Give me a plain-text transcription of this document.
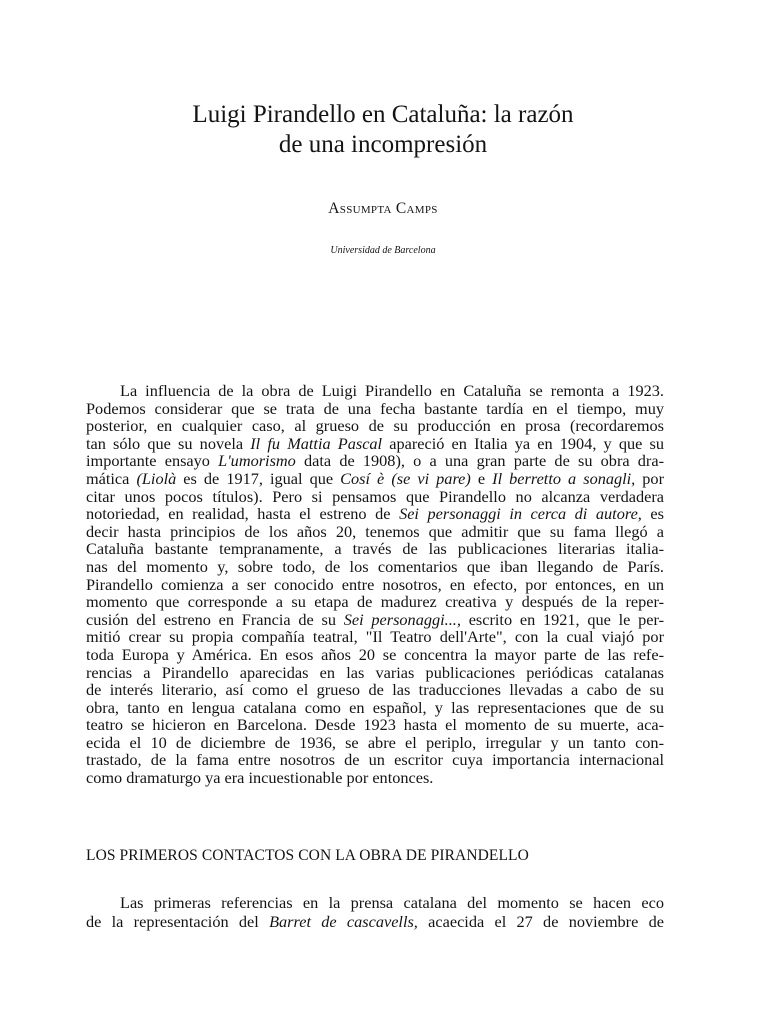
Luigi Pirandello en Cataluña: la razón
de una incompresión
Assumpta Camps
Universidad de Barcelona
La influencia de la obra de Luigi Pirandello en Cataluña se remonta a 1923.
Podemos considerar que se trata de una fecha bastante tardía en el tiempo, muy
posterior, en cualquier caso, al grueso de su producción en prosa (recordaremos
tan sólo que su novela Il fu Mattia Pascal apareció en Italia ya en 1904, y que su
importante ensayo L'umorismo data de 1908), o a una gran parte de su obra dra-
mática (Liolà es de 1917, igual que Cosí è (se vi pare) e Il berretto a sonagli, por
citar unos pocos títulos). Pero si pensamos que Pirandello no alcanza verdadera
notoriedad, en realidad, hasta el estreno de Sei personaggi in cerca di autore, es
decir hasta principios de los años 20, tenemos que admitir que su fama llegó a
Cataluña bastante tempranamente, a través de las publicaciones literarias italia-
nas del momento y, sobre todo, de los comentarios que iban llegando de París.
Pirandello comienza a ser conocido entre nosotros, en efecto, por entonces, en un
momento que corresponde a su etapa de madurez creativa y después de la reper-
cusión del estreno en Francia de su Sei personaggi..., escrito en 1921, que le per-
mitió crear su propia compañía teatral, "Il Teatro dell'Arte", con la cual viajó por
toda Europa y América. En esos años 20 se concentra la mayor parte de las refe-
rencias a Pirandello aparecidas en las varias publicaciones periódicas catalanas
de interés literario, así como el grueso de las traducciones llevadas a cabo de su
obra, tanto en lengua catalana como en español, y las representaciones que de su
teatro se hicieron en Barcelona. Desde 1923 hasta el momento de su muerte, aca-
ecida el 10 de diciembre de 1936, se abre el periplo, irregular y un tanto con-
trastado, de la fama entre nosotros de un escritor cuya importancia internacional
como dramaturgo ya era incuestionable por entonces.
LOS PRIMEROS CONTACTOS CON LA OBRA DE PIRANDELLO
Las primeras referencias en la prensa catalana del momento se hacen eco
de la representación del Barret de cascavells, acaecida el 27 de noviembre de
